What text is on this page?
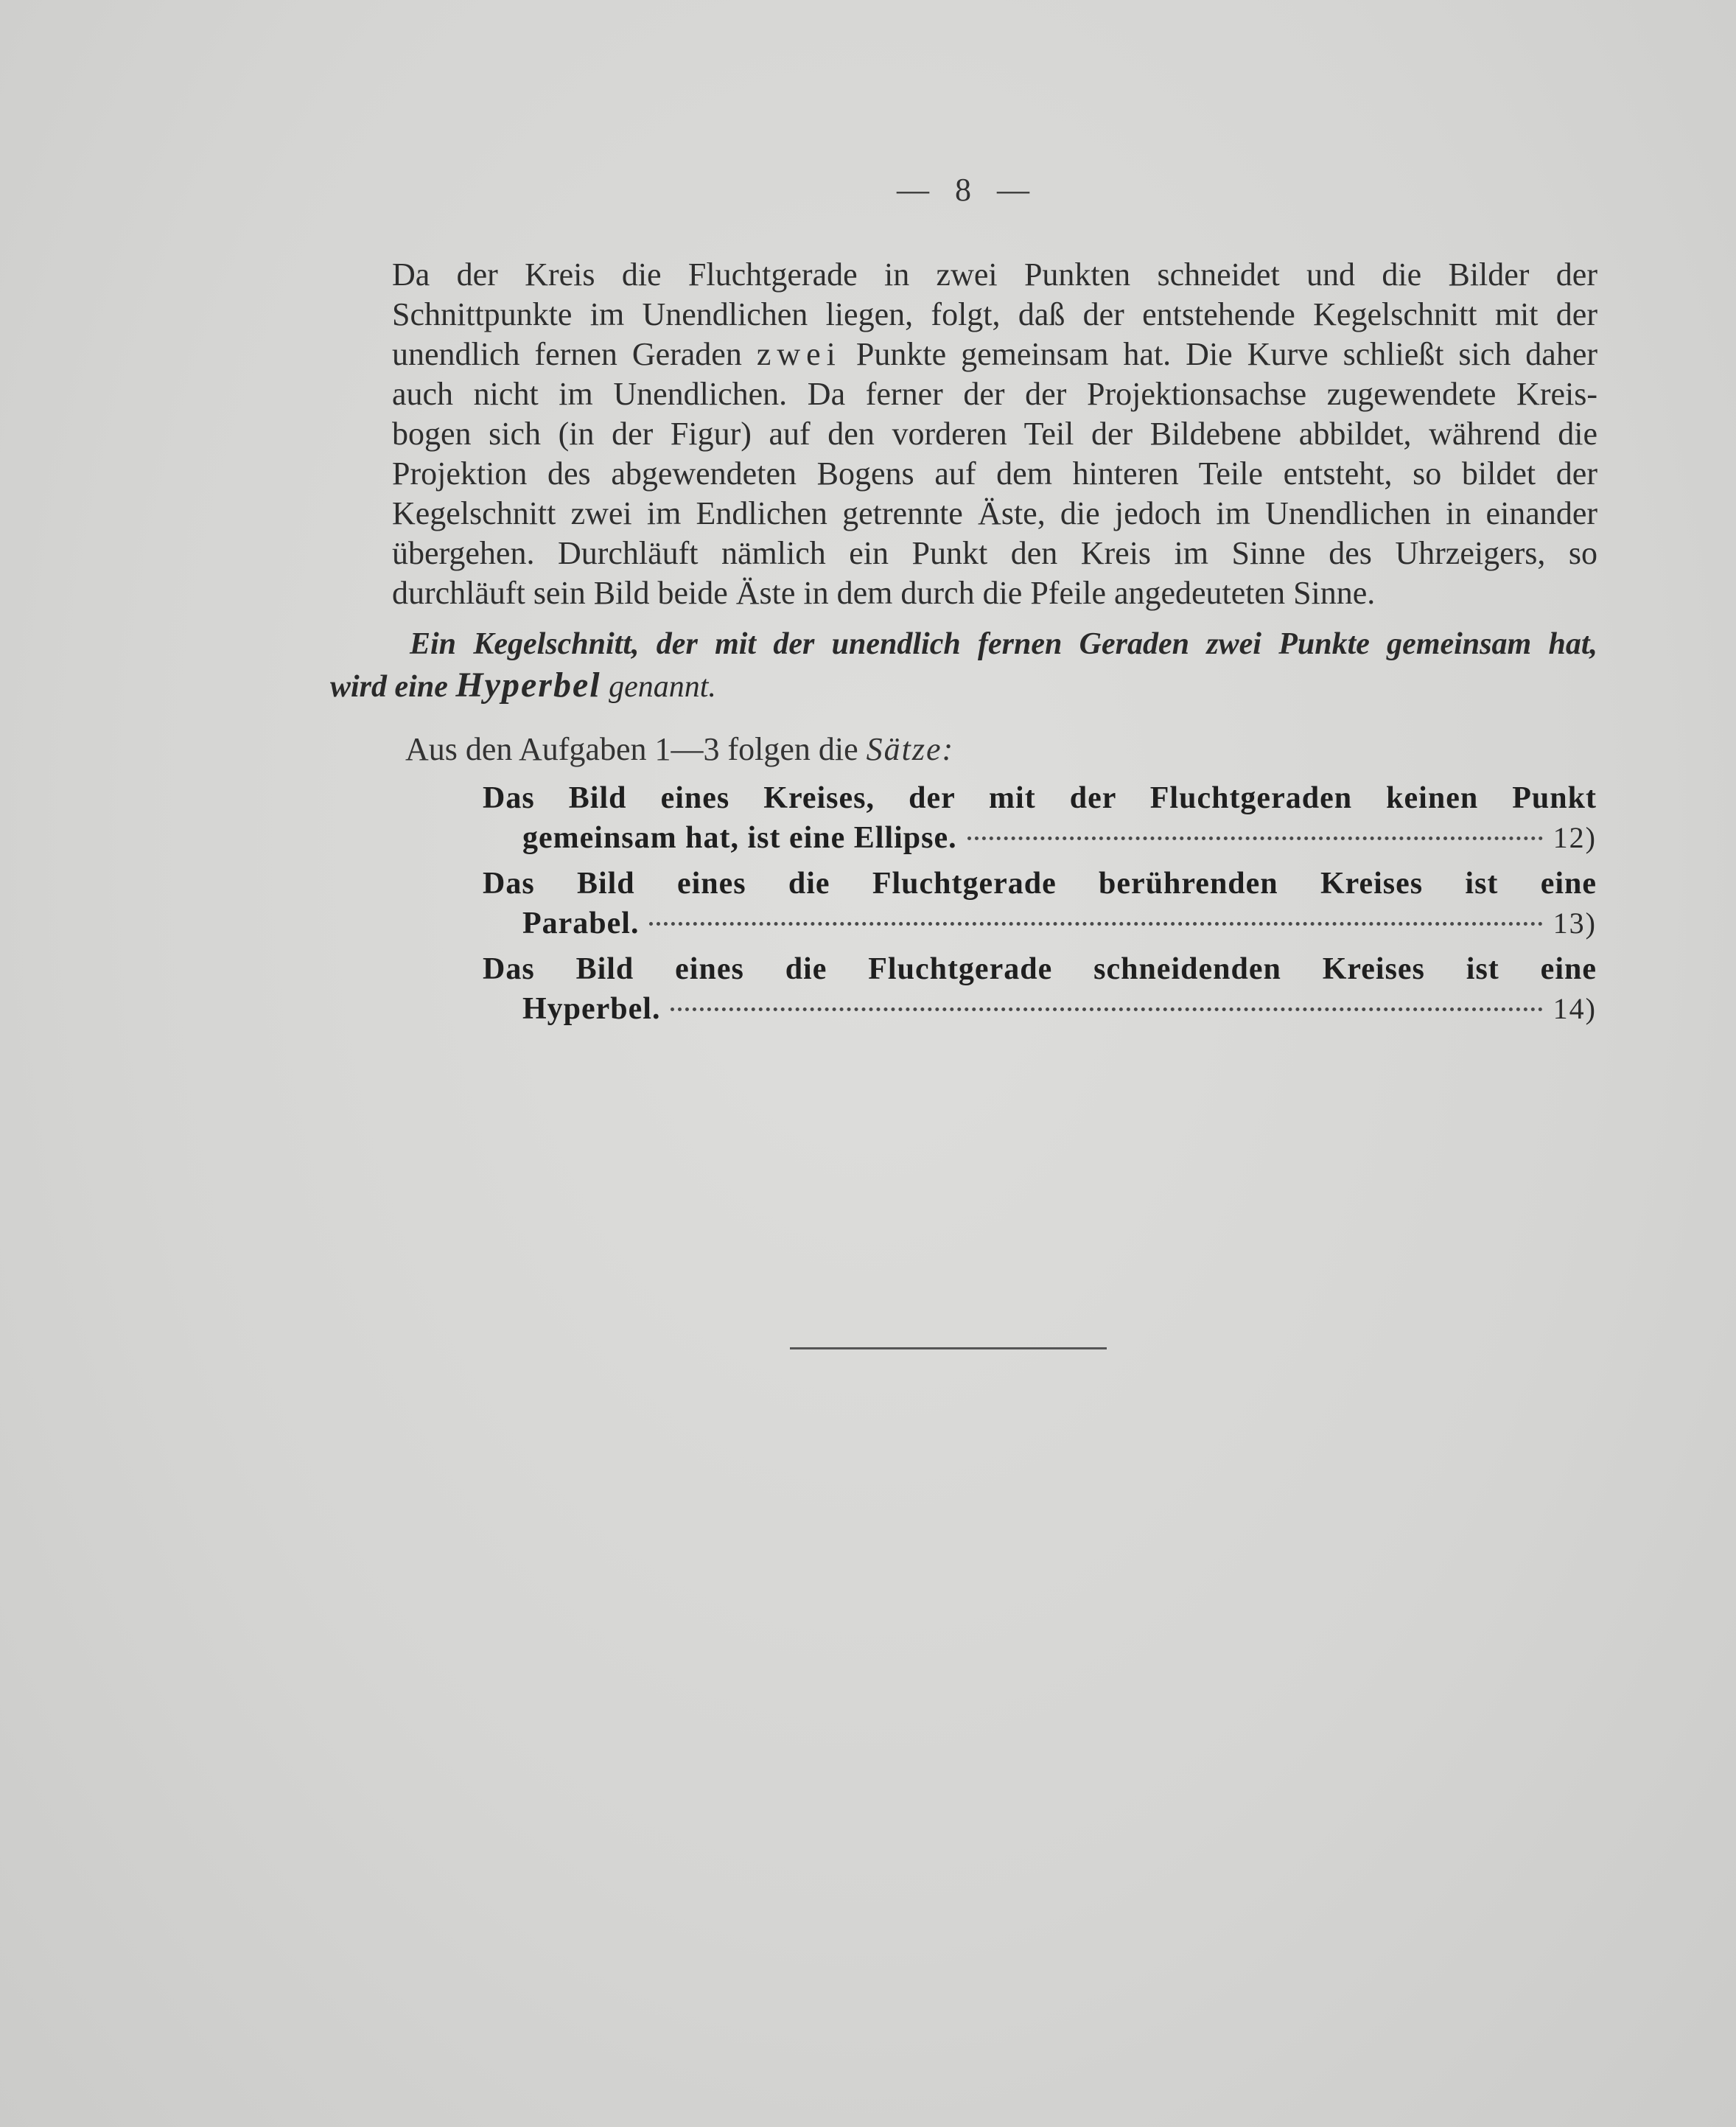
— 8 —
Da der Kreis die Fluchtgerade in zwei Punkten schneidet und die Bilder der
Schnittpunkte im Unendlichen liegen, folgt, daß der entstehende Kegelschnitt mit der
unendlich fernen Geraden zwei Punkte gemeinsam hat. Die Kurve schließt sich daher
auch nicht im Unendlichen. Da ferner der der Projektionsachse zugewendete Kreis-
bogen sich (in der Figur) auf den vorderen Teil der Bildebene abbildet, während die
Projektion des abgewendeten Bogens auf dem hinteren Teile entsteht, so bildet der
Kegelschnitt zwei im Endlichen getrennte Äste, die jedoch im Unendlichen in einander
übergehen. Durchläuft nämlich ein Punkt den Kreis im Sinne des Uhrzeigers, so
durchläuft sein Bild beide Äste in dem durch die Pfeile angedeuteten Sinne.
Ein Kegelschnitt, der mit der unendlich fernen Geraden zwei Punkte gemeinsam hat,
wird eine Hyperbel genannt.
Aus den Aufgaben 1—3 folgen die Sätze:
Das Bild eines Kreises, der mit der Fluchtgeraden keinen Punkt
gemeinsam hat, ist eine Ellipse.	12)
Das Bild eines die Fluchtgerade berührenden Kreises ist eine
Parabel.	13)
Das Bild eines die Fluchtgerade schneidenden Kreises ist eine
Hyperbel.	14)
